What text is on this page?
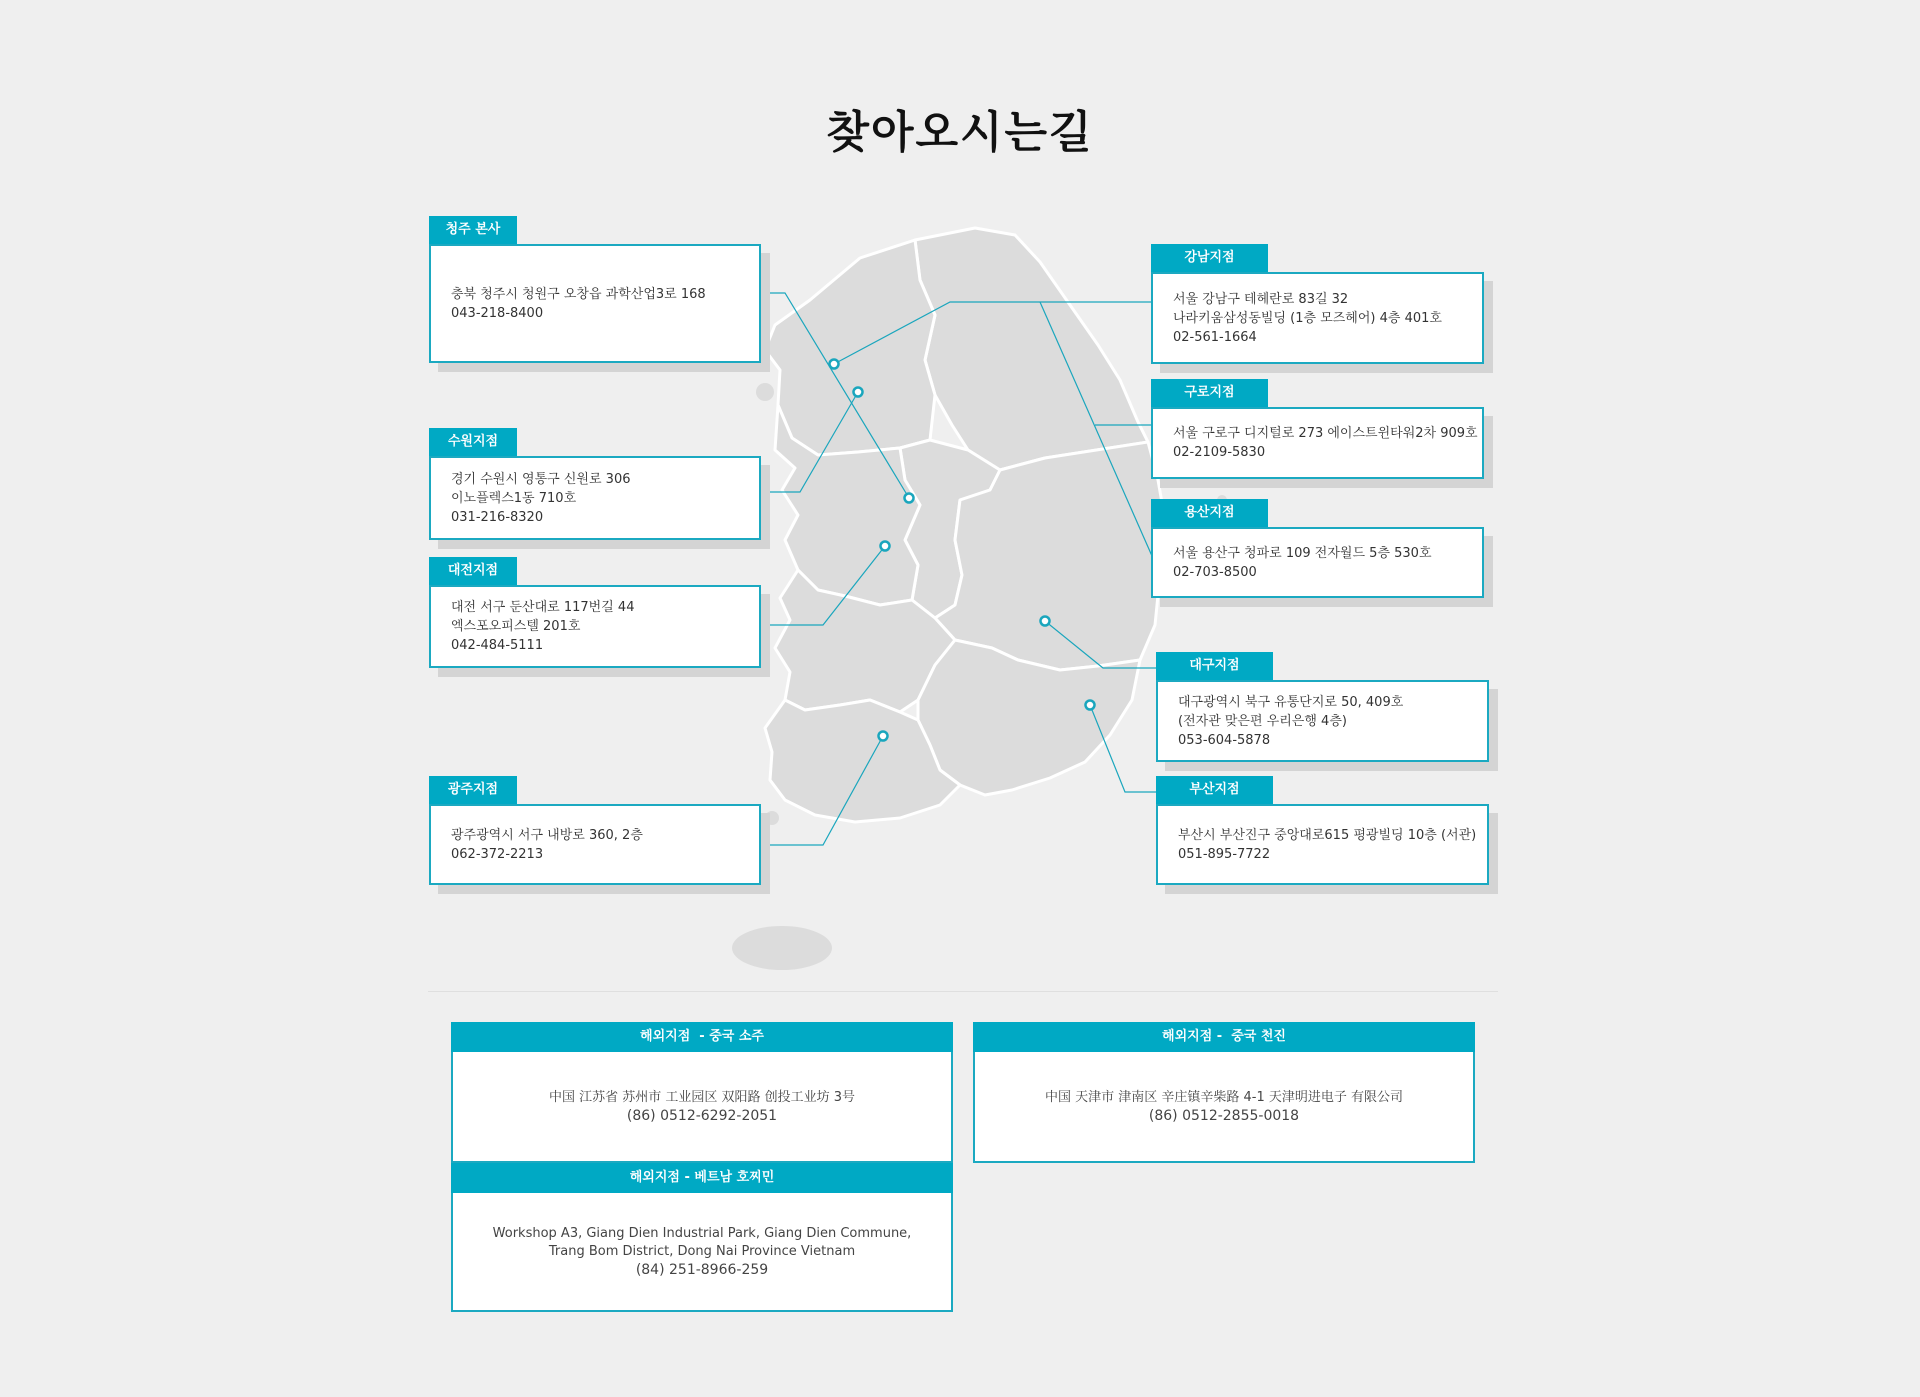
찾아오시는길
청주 본사
충북 청주시 청원구 오창읍 과학산업3로 168
043-218-8400
수원지점
경기 수원시 영통구 신원로 306
이노플렉스1동 710호
031-216-8320
대전지점
대전 서구 둔산대로 117번길 44
엑스포오피스텔 201호
042-484-5111
광주지점
광주광역시 서구 내방로 360, 2층
062-372-2213
강남지점
서울 강남구 테헤란로 83길 32
나라키움삼성동빌딩 (1층 모즈헤어) 4층 401호
02-561-1664
구로지점
서울 구로구 디지털로 273 에이스트윈타워2차 909호
02-2109-5830
용산지점
서울 용산구 청파로 109 전자월드 5층 530호
02-703-8500
대구지점
대구광역시 북구 유통단지로 50, 409호
(전자관 맞은편 우리은행 4층)
053-604-5878
부산지점
부산시 부산진구 중앙대로615 평광빌딩 10층 (서관)
051-895-7722
해외지점  - 중국 소주
中国 江苏省 苏州市 工业园区 双阳路 创投工业坊 3号
(86) 0512-6292-2051
해외지점 -  중국 천진
中国 天津市 津南区 辛庄镇辛柴路 4-1 天津明进电子 有限公司
(86) 0512-2855-0018
해외지점 - 베트남 호찌민
Workshop A3, Giang Dien Industrial Park, Giang Dien Commune,
Trang Bom District, Dong Nai Province Vietnam
(84) 251-8966-259
